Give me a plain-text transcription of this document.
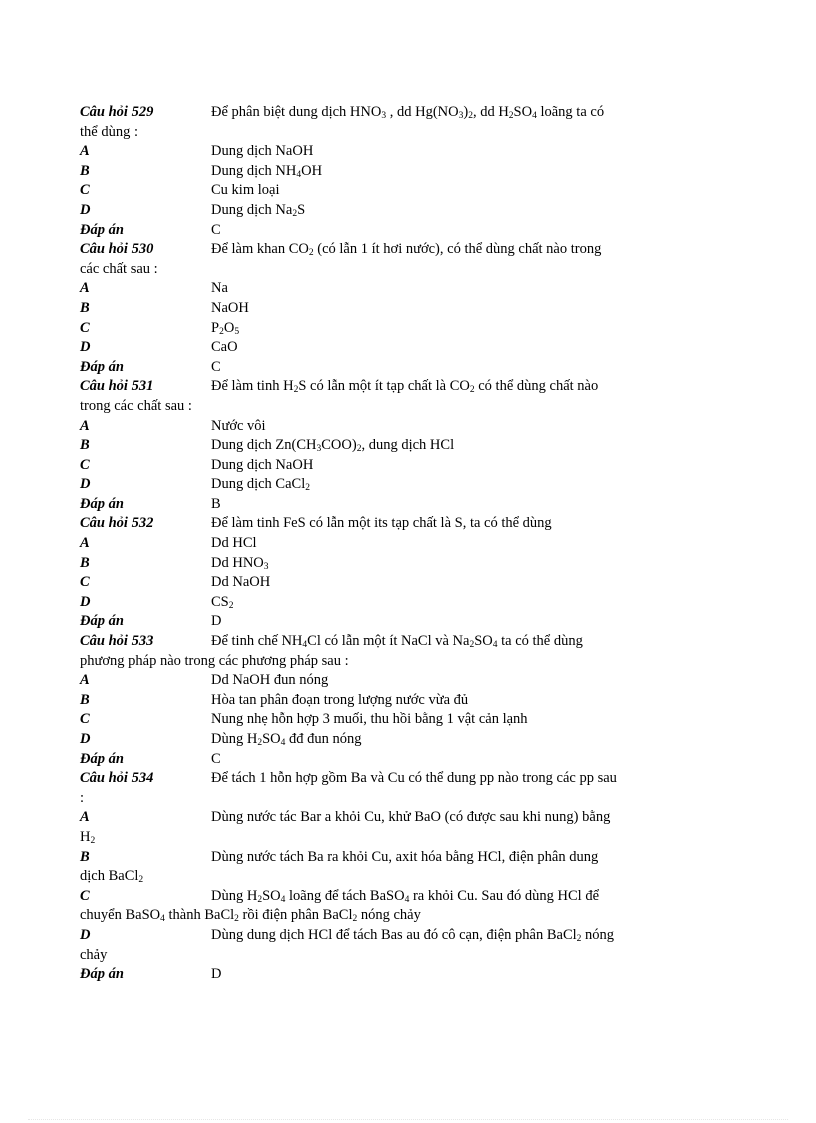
Câu hỏi 529	Để phân biệt dung dịch $HNO_3$ , dd $Hg(NO_3)_2$, dd $H_2SO_4$ loãng ta có
thể dùng :
A	Dung dịch NaOH
B	Dung dịch $NH_4OH$
C	Cu kim loại
D	Dung dịch $Na_2S$
Đáp án	C
Câu hỏi 530	Để làm khan $CO_2$ (có lẫn 1 ít hơi nước), có thể dùng chất nào trong
các chất sau :
A	Na
B	NaOH
C	$P_2O_5$
D	CaO
Đáp án	C
Câu hỏi 531	Để làm tinh $H_2S$ có lẫn một ít tạp chất là $CO_2$ có thể dùng chất nào
trong các chất sau :
A	Nước vôi
B	Dung dịch $Zn(CH_3COO)_2$, dung dịch HCl
C	Dung dịch NaOH
D	Dung dịch CaCl$_2$
Đáp án	B
Câu hỏi 532	Để làm tinh FeS có lẫn một its tạp chất là S, ta có thể dùng
A	Dd HCl
B	Dd $HNO_3$
C	Dd NaOH
D	$CS_2$
Đáp án	D
Câu hỏi 533	Để tinh chế $NH_4Cl$ có lẫn một ít NaCl và $Na_2SO_4$ ta có thể dùng
phương pháp nào trong các phương pháp sau :
A	Dd NaOH đun nóng
B	Hòa tan phân đoạn trong lượng nước vừa đủ
C	Nung nhẹ hỗn hợp 3 muối, thu hồi bằng 1 vật cản lạnh
D	Dùng $H_2SO_4$ đđ đun nóng
Đáp án	C
Câu hỏi 534	Để tách 1 hỗn hợp gồm Ba và Cu có thể dung pp nào trong các pp sau
:
A	Dùng nước tác Bar a khỏi Cu, khử BaO (có được sau khi nung) bằng
$H_2$
B	Dùng nước tách Ba ra khỏi Cu, axit hóa bằng HCl, điện phân dung
dịch BaCl$_2$
C	Dùng $H_2SO_4$ loãng để tách BaSO$_4$ ra khỏi Cu. Sau đó dùng HCl để
chuyển BaSO$_4$ thành BaCl$_2$ rồi điện phân BaCl$_2$ nóng chảy
D	Dùng dung dịch HCl để tách Bas au đó cô cạn, điện phân BaCl$_2$ nóng
chảy
Đáp án	D
